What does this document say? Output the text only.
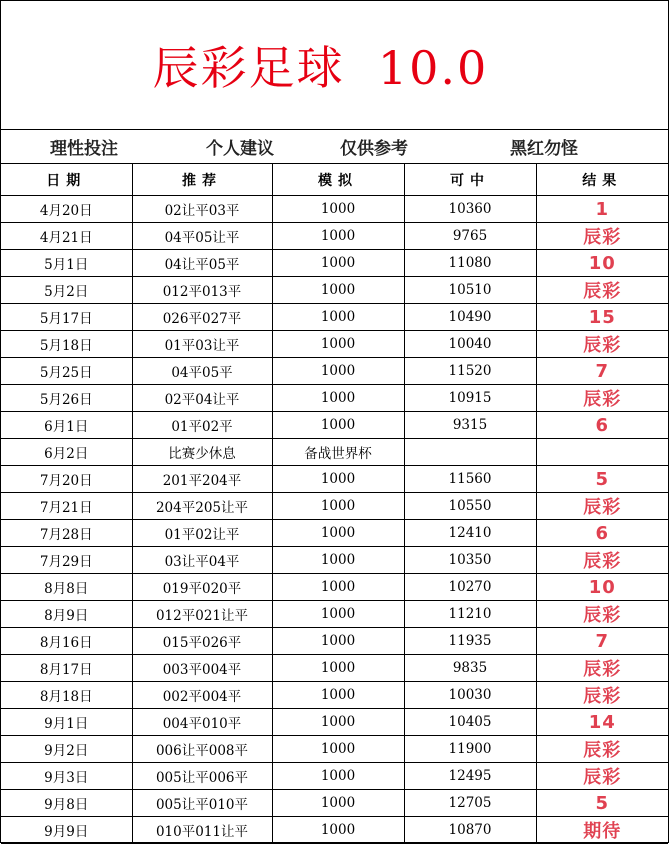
辰彩足球  10.0
理性投注	个人建议	仅供参考	黑红勿怪
日期	推荐	模拟	可中	结果
4月20日	02让平03平	1000	10360	1
4月21日	04平05让平	1000	9765	辰彩
5月1日	04让平05平	1000	11080	10
5月2日	012平013平	1000	10510	辰彩
5月17日	026平027平	1000	10490	15
5月18日	01平03让平	1000	10040	辰彩
5月25日	04平05平	1000	11520	7
5月26日	02平04让平	1000	10915	辰彩
6月1日	01平02平	1000	9315	6
6月2日	比赛少休息	备战世界杯		
7月20日	201平204平	1000	11560	5
7月21日	204平205让平	1000	10550	辰彩
7月28日	01平02让平	1000	12410	6
7月29日	03让平04平	1000	10350	辰彩
8月8日	019平020平	1000	10270	10
8月9日	012平021让平	1000	11210	辰彩
8月16日	015平026平	1000	11935	7
8月17日	003平004平	1000	9835	辰彩
8月18日	002平004平	1000	10030	辰彩
9月1日	004平010平	1000	10405	14
9月2日	006让平008平	1000	11900	辰彩
9月3日	005让平006平	1000	12495	辰彩
9月8日	005让平010平	1000	12705	5
9月9日	010平011让平	1000	10870	期待
